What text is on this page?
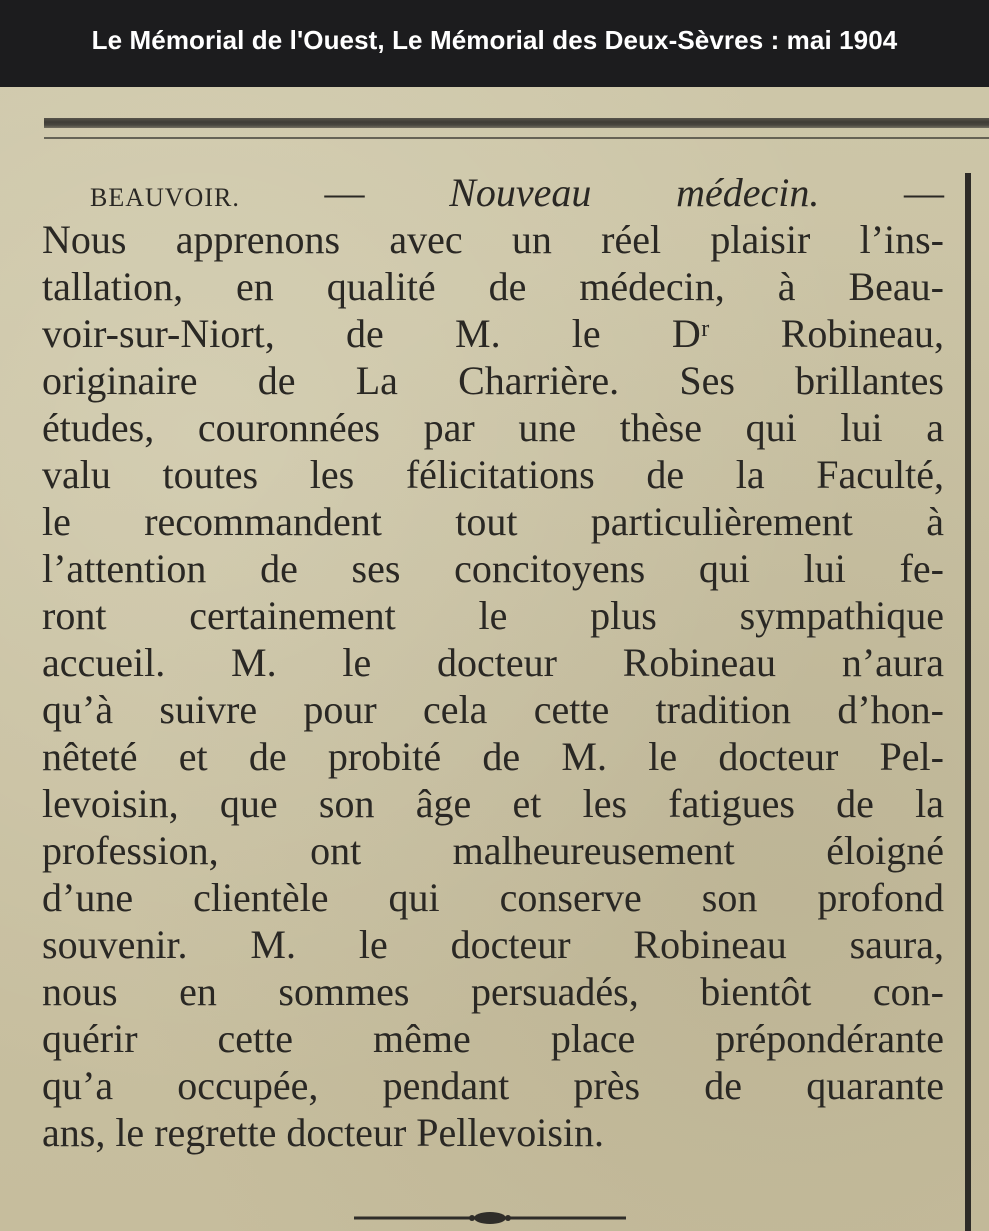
Le Mémorial de l'Ouest, Le Mémorial des Deux-Sèvres : mai 1904
BEAUVOIR. — Nouveau médecin. —
Nous apprenons avec un réel plaisir l’ins-
tallation, en qualité de médecin, à Beau-
voir-sur-Niort, de M. le Dʳ Robineau,
originaire de La Charrière. Ses brillantes
études, couronnées par une thèse qui lui a
valu toutes les félicitations de la Faculté,
le recommandent tout particulièrement à
l’attention de ses concitoyens qui lui fe-
ront certainement le plus sympathique
accueil. M. le docteur Robineau n’aura
qu’à suivre pour cela cette tradition d’hon-
nêteté et de probité de M. le docteur Pel-
levoisin, que son âge et les fatigues de la
profession, ont malheureusement éloigné
d’une clientèle qui conserve son profond
souvenir. M. le docteur Robineau saura,
nous en sommes persuadés, bientôt con-
quérir cette même place prépondérante
qu’a occupée, pendant près de quarante
ans, le regrette docteur Pellevoisin.
